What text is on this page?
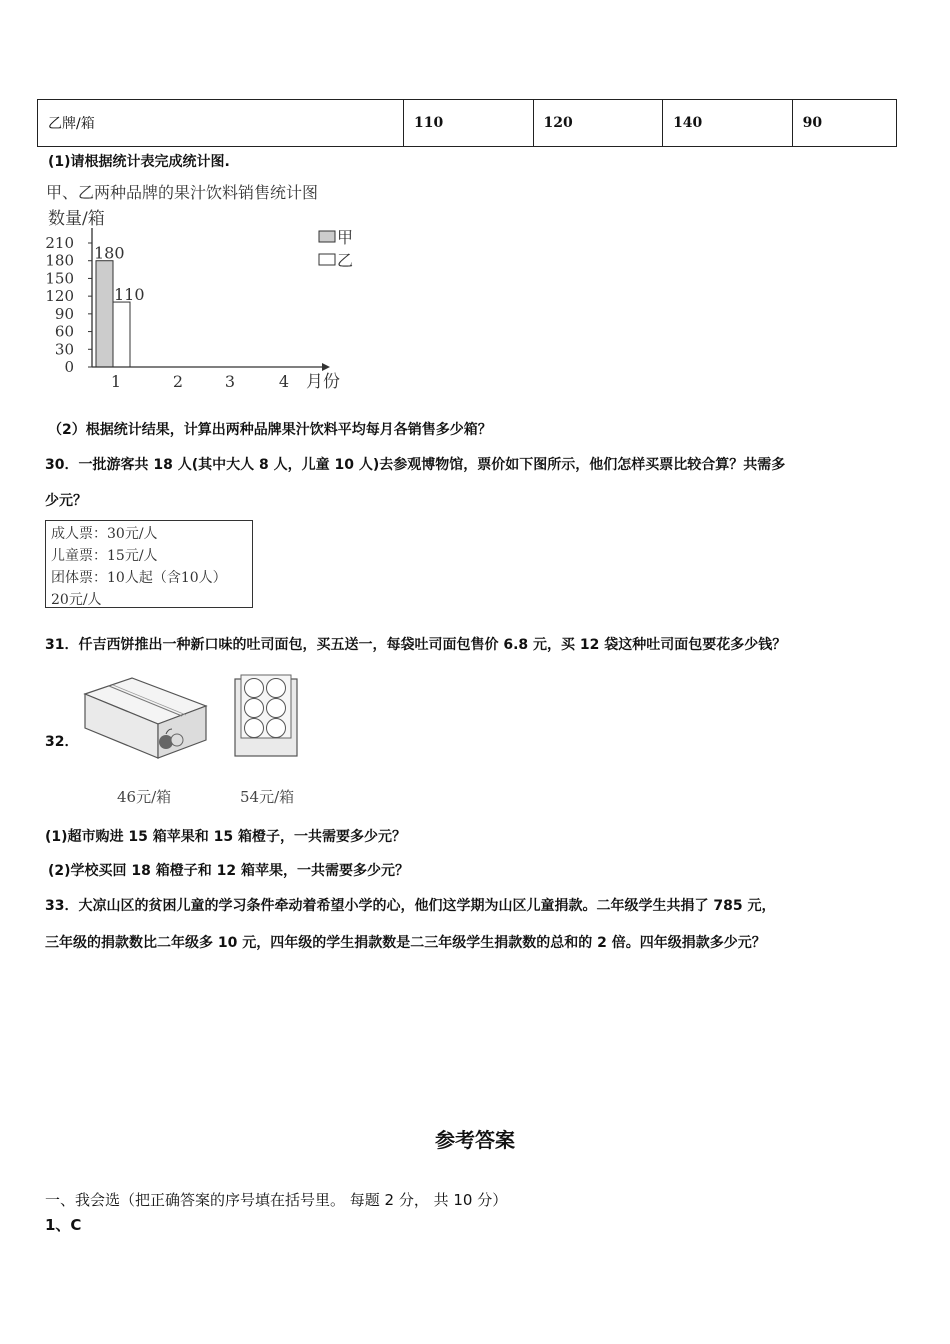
乙牌/箱	110	120	140	90
(1)请根据统计表完成统计图.
甲、乙两种品牌的果汁饮料销售统计图
数量/箱
0
30
60
90
120
150
180
210
180
110
1	2	3	4 月份
甲
乙
（2）根据统计结果，计算出两种品牌果汁饮料平均每月各销售多少箱？
30．一批游客共 18 人(其中大人 8 人，儿童 10 人)去参观博物馆，票价如下图所示，他们怎样买票比较合算？共需多
少元？
成人票：30元/人
儿童票：15元/人
团体票：10人起（含10人）
20元/人
31．仟吉西饼推出一种新口味的吐司面包，买五送一，每袋吐司面包售价 6.8 元，买 12 袋这种吐司面包要花多少钱？
32．
46元/箱	54元/箱
(1)超市购进 15 箱苹果和 15 箱橙子，一共需要多少元？
(2)学校买回 18 箱橙子和 12 箱苹果，一共需要多少元？
33．大凉山区的贫困儿童的学习条件牵动着希望小学的心，他们这学期为山区儿童捐款。二年级学生共捐了 785 元，
三年级的捐款数比二年级多 10 元，四年级的学生捐款数是二三年级学生捐款数的总和的 2 倍。四年级捐款多少元？
参考答案
一、我会选（把正确答案的序号填在括号里。 每题 2 分， 共 10 分）
1、C
